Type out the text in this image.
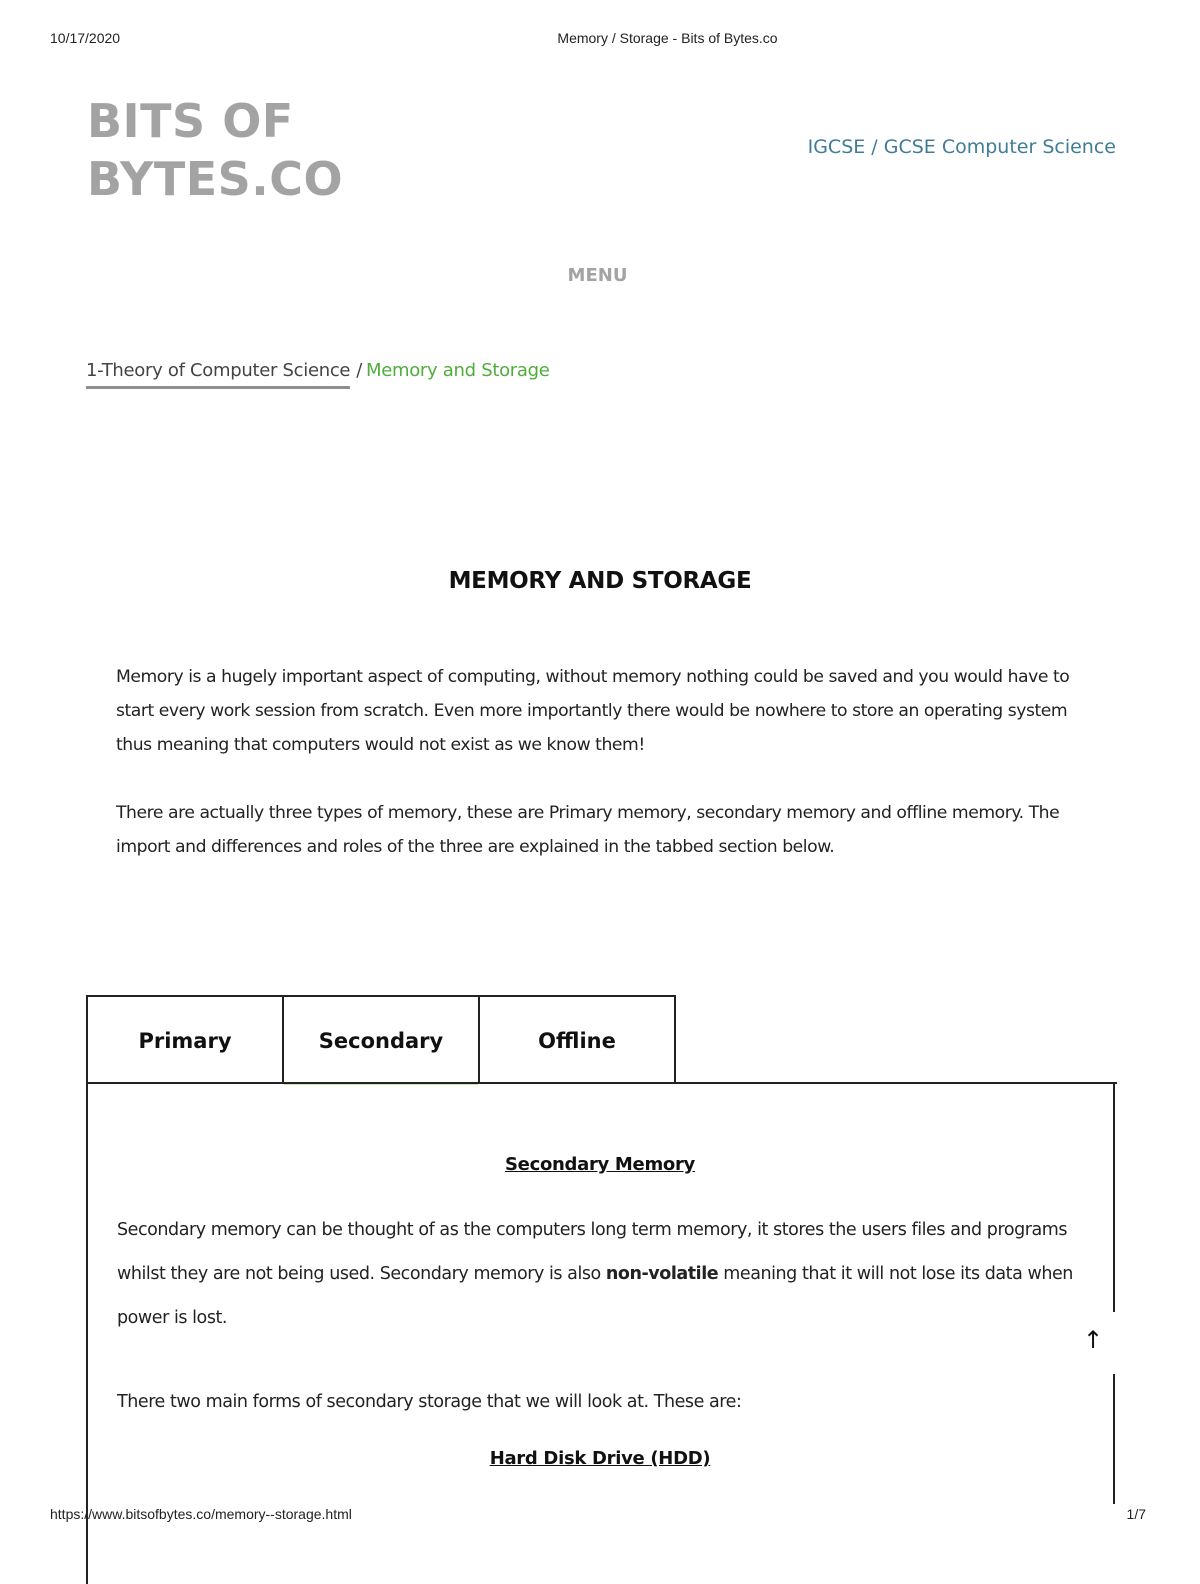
10/17/2020	Memory / Storage - Bits of Bytes.co
BITS OF
BYTES.CO
IGCSE / GCSE Computer Science
MENU
1-Theory of Computer Science / Memory and Storage
MEMORY AND STORAGE

Memory is a hugely important aspect of computing, without memory nothing could be saved and you would have to start every work session from scratch. Even more importantly there would be nowhere to store an operating system thus meaning that computers would not exist as we know them!

There are actually three types of memory, these are Primary memory, secondary memory and offline memory. The import and differences and roles of the three are explained in the tabbed section below.

Primary	Secondary	Offline
Secondary Memory
Secondary memory can be thought of as the computers long term memory, it stores the users files and programs whilst they are not being used. Secondary memory is also non-volatile meaning that it will not lose its data when power is lost.
↑
There two main forms of secondary storage that we will look at. These are:
Hard Disk Drive (HDD)
https://www.bitsofbytes.co/memory--storage.html	1/7
